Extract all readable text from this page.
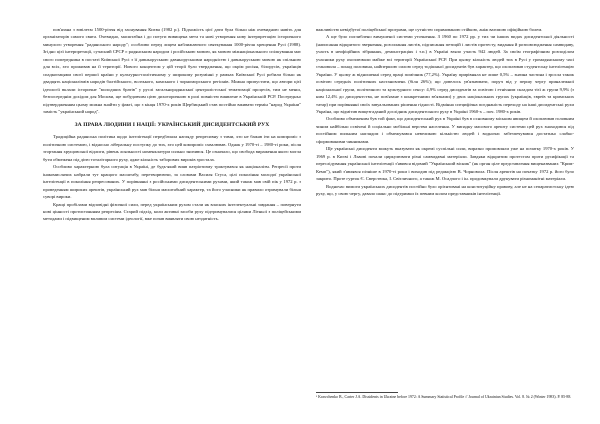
пов'язана з ювілеєм 1500-річчя від заснування Києва (1982 р.). Підхожість цієї дати була більш ніж очевидною навіть для організаторів самого свята. Очевидно, масштабна і до потуги вивищена мета та нові утворення нову інтерпретацію історичного минулого утворення "радянського народу"; особливо перед лицем наближаючого святкування 1000-річчя хрещення Русі (1988). Згідно цієї інтерпретації, сучасний СРСР є радянським народом і російською мовою, як мовою міжнаціонального спілкування має свого попередника в постаті Київської Русі з її давньоруською давньоруськими народністю і давньоруською мовою як спільною для всіх, хто проживав на її території. Нового концептом у цій теорії було твердження, що окрім росіян, білорусів, українців спадкоємцями своєї першої країни у культурно-політичному у широкому розумінні у рамках Київської Русі робили більш як двадцять націоналізмів народів балтійського, волзького, камського і чорноморського регіонів. Можна припустити, що автори цієї ідеології вклали історичне "молодших братів" у руслі загальнорадянської централістської тематизації процесів, тим не менш, безпосереднім дохідом для Москви, ще побудовчим цією дихоторичною в ролі повністю виявлене в Українській РСР. Посередньо підтвердженням цьому можна знайти у факті, що з кінця 1970-х років Щербицький став постійно вживати термін "народ України" замість "український народ".

ЗА ПРАВА ЛЮДИНИ І НАЦІЇ: УКРАЇНСЬКИЙ ДИСИДЕНТСЬКИЙ РУХ

Традиційна радянська політика щодо інтелігенції передбачала нагляду репресивну з тими, хто не бажав іти на компроміс з політичною системою, і відносно ліберальну поступку до тих, хто цей компроміс схвалював. Однак у 1970-ті – 1980-ті роки, після згортання хрущовської відлиги, рівень лояльності номенклатури сильно знизився. Це означало, що свобода вираження якого могла бути обмежена під дією тоталітарного руху, адже кількість таборових вироків зростала.

Особливо характерною була ситуація в Україні, де будь-який вияв патріотизму трактувався як націоналізм. Репресії проти інакомислячих набрали тут кращого масштабу, перетворюючи, за словами Василя Стуса, цілі покоління молодої української інтелігенції в покоління репресованих. У порівнянні з російськими дисидентськими рухами, який також мав свій пік у 1972 р. з проведенням широких арештів, український рух мав більш масштабний характер, та його учасники як правило отримували більш суворі вироки.

Кращі пробілами відповідні фізичної сили, перед українським рухом стали як власних інтелектуальні завдання – повернути нові цінності протистоянням репресіям. Старий підхід, коли активні засоби руху підтримувалися цілями Літньої з поліцейськими методами і підвищеним впливом системи ідеології, вже почав виявляти свою нездатність.

важливістю невідбутої поліцейської програми, ще сутністю спрямованою стійкою, аніж вагомою офіційною болем.

А ще було поглиблено вимушеної системи уточнення. З 1960 по 1972 рр. у тих чи інших видах дисидентської діяльності (написання відкритого звернення, розсилання листів, підписання петицій і листів протесту, видання й розповсюдження самвидаву, участь в неофіційних зібраннях, демонстраціях і т.п.) в Україні взяло участь 942 людей. За своїм географічним розподілом учасники руху охоплювали майже всі території Української РСР. При цьому кількість людей тих в Русі у громадянському часі становила – понад половина, найпершою силою серед тодішньої дисидентів був характер, що охоплював студентську інтелігенцію України. У цьому ж відношенні серед праці помічник (77,2%). Україну прирівняла не лише 0,5% – значна частина і зросла також освітою середніх політичних настановлень (біля 26%); що довелось ув'язнювати, поруч від у першу чергу приналежної національної групи, політичного та культурного сенсу: 4,9% серед дисидентів за освітою і етнічним складом тієї ж групи 9,9% (з ним 12,4% до дисидентства, не пов'язане з конкретними зв'язками) у двох національних групах (українців, євреїв та кримських татар) при порівнянні своїх завуальованих рішення гідності. Відмінна специфічна поєднаність переходу на інші дисидентські рухи Україна, що відмітив вищезгаданий дослідник дисидентського руху в Україні 1960-х – поч. 1980-х років.

Особливо обмеженим був той факт, що дисидентський рух в Україні був в основному міським явищем й охоплював головним чином найбільш освічені й соціально мобільні верстви населення. У випадку масового арешту системи цей рух знаходився під постійним пильним наглядом і обмежувався невеликою кількістю людей і водночас забезпечувався достатньо слабко-сформованими чинниками.

Ще українські дисиденти можуть вказувати як окремі суспільні сили, виразно промовляли уже на початку 1970-х років. У 1969 р. в Києві і Львові почали циркулювати різні самвидавні матеріали. Завдяки відкритим протестам проти русифікації та переслідування української інтелігенції з'явився відомий "Український вісник" (як орган ціле представлення вищеназваних "Крим-Кемп"), який з'являвся пізніше в 1970-ті роки і виходив під редакцією В. Чорновола. Після арештів на початку 1972 р. його було закрито. Проте гурток Є. Сверстюка, І. Світличного, а також М. Осадчого і ін. продовжували друкувати різноманітні матеріали.

Водночас вимоги українських дисидентів постійно було орієнтовані на конституційну правову, але не на сепаратистську ідею руху, що, у свою чергу, давало шанс до підтримки їх певним колом представників інтелігенції.

¹ Krawchenko B., Carter J.A. Dissidents in Ukraine before 1972: A Summary Statistical Profile // Journal of Ukrainian Studies. Vol. 8. № 2 (Winter 1983). P. 85-88.
